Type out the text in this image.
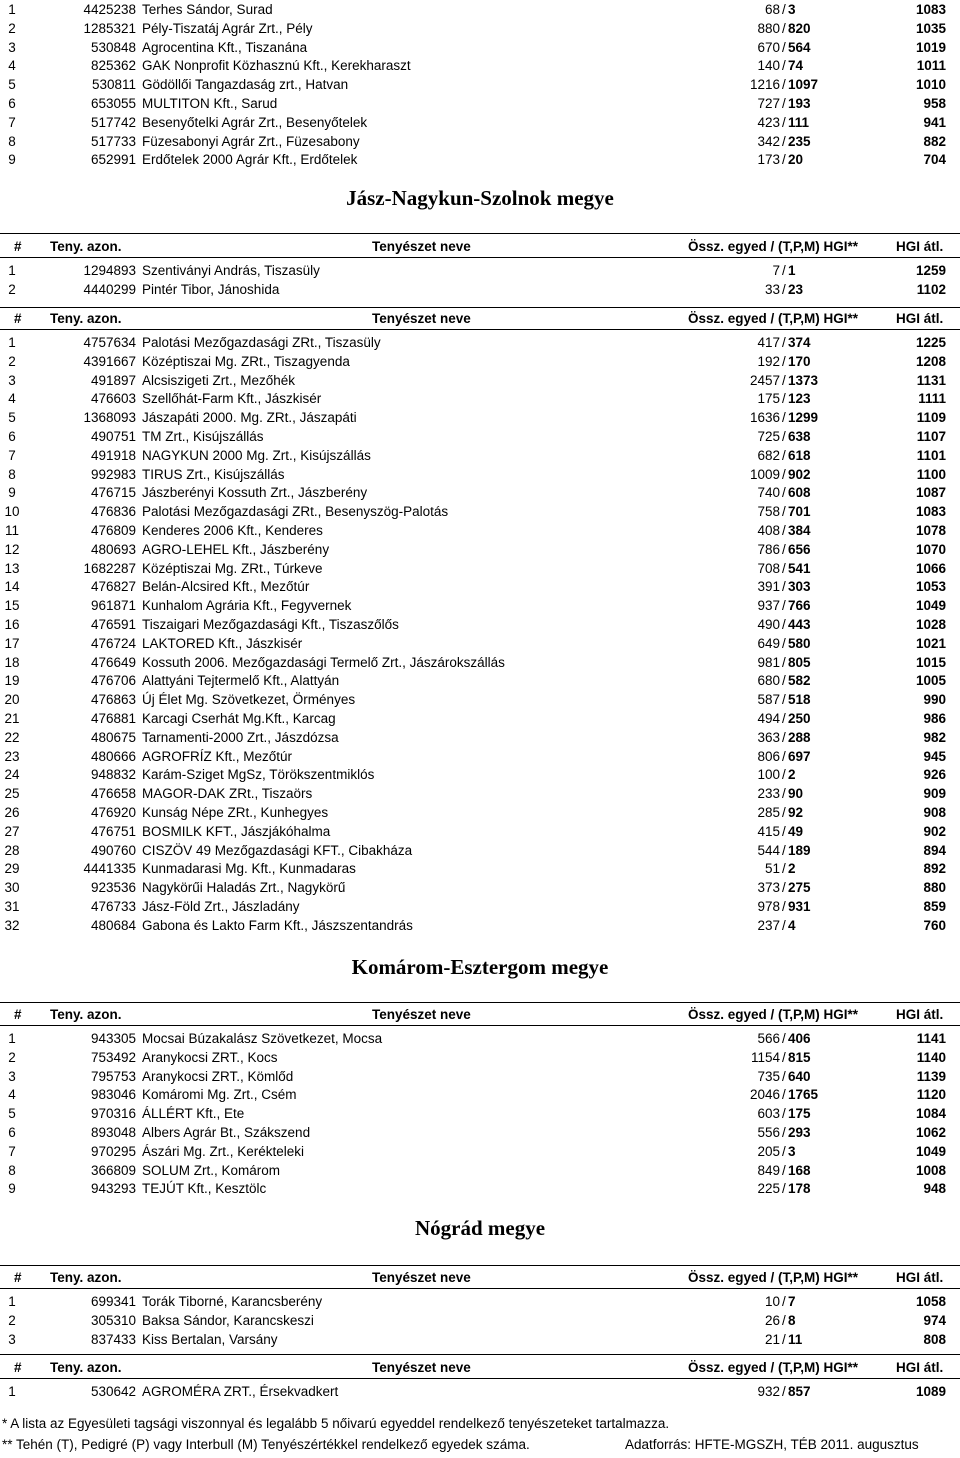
1	4425238 Terhes Sándor, Surad	68 / 3	1083
2	1285321 Pély-Tiszatáj Agrár Zrt., Pély	880 / 820	1035
3	530848 Agrocentina Kft., Tiszanána	670 / 564	1019
4	825362 GAK Nonprofit Közhasznú Kft., Kerekharaszt	140 / 74	1011
5	530811 Gödöllői Tangazdaság zrt., Hatvan	1216 / 1097	1010
6	653055 MULTITON Kft., Sarud	727 / 193	958
7	517742 Besenyőtelki Agrár Zrt., Besenyőtelek	423 / 111	941
8	517733 Füzesabonyi Agrár Zrt., Füzesabony	342 / 235	882
9	652991 Erdőtelek 2000 Agrár Kft., Erdőtelek	173 / 20	704
Jász-Nagykun-Szolnok megye
# Teny. azon.	Tenyészet neve	Össz. egyed / (T,P,M) HGI**	HGI átl.
1	1294893 Szentiványi András, Tiszasüly	7 / 1	1259
2	4440299 Pintér Tibor, Jánoshida	33 / 23	1102
# Teny. azon.	Tenyészet neve	Össz. egyed / (T,P,M) HGI**	HGI átl.
1	4757634 Palotási Mezőgazdasági ZRt., Tiszasüly	417 / 374	1225
2	4391667 Középtiszai Mg. ZRt., Tiszagyenda	192 / 170	1208
3	491897 Alcsiszigeti Zrt., Mezőhék	2457 / 1373	1131
4	476603 Szellőhát-Farm Kft., Jászkisér	175 / 123	1111
5	1368093 Jászapáti 2000. Mg. ZRt., Jászapáti	1636 / 1299	1109
6	490751 TM Zrt., Kisújszállás	725 / 638	1107
7	491918 NAGYKUN 2000 Mg. Zrt., Kisújszállás	682 / 618	1101
8	992983 TIRUS Zrt., Kisújszállás	1009 / 902	1100
9	476715 Jászberényi Kossuth Zrt., Jászberény	740 / 608	1087
10	476836 Palotási Mezőgazdasági ZRt., Besenyszög-Palotás	758 / 701	1083
11	476809 Kenderes 2006 Kft., Kenderes	408 / 384	1078
12	480693 AGRO-LEHEL Kft., Jászberény	786 / 656	1070
13	1682287 Középtiszai Mg. ZRt., Túrkeve	708 / 541	1066
14	476827 Belán-Alcsired Kft., Mezőtúr	391 / 303	1053
15	961871 Kunhalom Agrária Kft., Fegyvernek	937 / 766	1049
16	476591 Tiszaigari Mezőgazdasági Kft., Tiszaszőlős	490 / 443	1028
17	476724 LAKTORED Kft., Jászkisér	649 / 580	1021
18	476649 Kossuth 2006. Mezőgazdasági Termelő Zrt., Jászárokszállás	981 / 805	1015
19	476706 Alattyáni Tejtermelő Kft., Alattyán	680 / 582	1005
20	476863 Új Élet Mg. Szövetkezet, Örményes	587 / 518	990
21	476881 Karcagi Cserhát Mg.Kft., Karcag	494 / 250	986
22	480675 Tarnamenti-2000 Zrt., Jászdózsa	363 / 288	982
23	480666 AGROFRÍZ Kft., Mezőtúr	806 / 697	945
24	948832 Karám-Sziget MgSz, Törökszentmiklós	100 / 2	926
25	476658 MAGOR-DAK ZRt., Tiszaörs	233 / 90	909
26	476920 Kunság Népe ZRt., Kunhegyes	285 / 92	908
27	476751 BOSMILK KFT., Jászjákóhalma	415 / 49	902
28	490760 CISZÖV 49 Mezőgazdasági KFT., Cibakháza	544 / 189	894
29	4441335 Kunmadarasi Mg. Kft., Kunmadaras	51 / 2	892
30	923536 Nagykörűi Haladás Zrt., Nagykörű	373 / 275	880
31	476733 Jász-Föld Zrt., Jászladány	978 / 931	859
32	480684 Gabona és Lakto Farm Kft., Jászszentandrás	237 / 4	760
Komárom-Esztergom megye
# Teny. azon.	Tenyészet neve	Össz. egyed / (T,P,M) HGI**	HGI átl.
1	943305 Mocsai Búzakalász Szövetkezet, Mocsa	566 / 406	1141
2	753492 Aranykocsi ZRT., Kocs	1154 / 815	1140
3	795753 Aranykocsi ZRT., Kömlőd	735 / 640	1139
4	983046 Komáromi Mg. Zrt., Csém	2046 / 1765	1120
5	970316 ÁLLÉRT Kft., Ete	603 / 175	1084
6	893048 Albers Agrár Bt., Szákszend	556 / 293	1062
7	970295 Ászári Mg. Zrt., Kerékteleki	205 / 3	1049
8	366809 SOLUM Zrt., Komárom	849 / 168	1008
9	943293 TEJÚT Kft., Kesztölc	225 / 178	948
Nógrád megye
# Teny. azon.	Tenyészet neve	Össz. egyed / (T,P,M) HGI**	HGI átl.
1	699341 Torák Tiborné, Karancsberény	10 / 7	1058
2	305310 Baksa Sándor, Karancskeszi	26 / 8	974
3	837433 Kiss Bertalan, Varsány	21 / 11	808
# Teny. azon.	Tenyészet neve	Össz. egyed / (T,P,M) HGI**	HGI átl.
1	530642 AGROMÉRA ZRT., Érsekvadkert	932 / 857	1089
* A lista az Egyesületi tagsági viszonnyal és legalább 5 nőivarú egyeddel rendelkező tenyészeteket tartalmazza.
** Tehén (T), Pedigré (P) vagy Interbull (M) Tenyészértékkel rendelkező egyedek száma.	Adatforrás: HFTE-MGSZH, TÉB 2011. augusztus
